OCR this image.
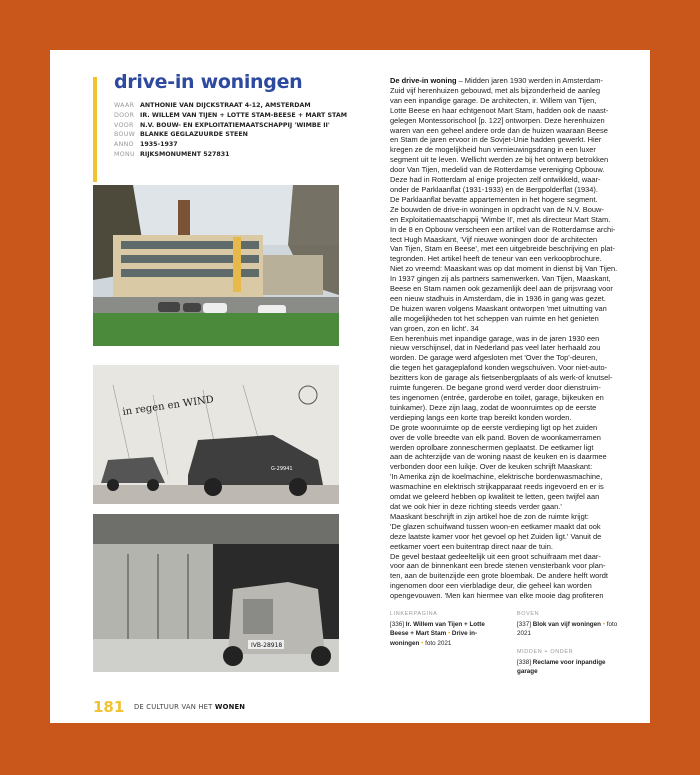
drive-in woningen
WAAR ANTHONIE VAN DIJCKSTRAAT 4-12, AMSTERDAM
DOOR IR. WILLEM VAN TIJEN + LOTTE STAM-BEESE + MART STAM
VOOR N.V. BOUW- EN EXPLOITATIEMAATSCHAPPIJ 'WIMBE II'
BOUW BLANKE GEGLAZUURDE STEEN
ANNO 1935-1937
MONU RIJKSMONUMENT 527831
in regen en WIND
G-29941
IVB-28918
De drive-in woning – Midden jaren 1930 werden in Amsterdam-
Zuid vijf herenhuizen gebouwd, met als bijzonderheid de aanleg
van een inpandige garage. De architecten, ir. Willem van Tijen,
Lotte Beese en haar echtgenoot Mart Stam, hadden ook de naast-
gelegen Montessorischool [p. 122] ontworpen. Deze herenhuizen
waren van een geheel andere orde dan de huizen waaraan Beese
en Stam de jaren ervoor in de Sovjet-Unie hadden gewerkt. Hier
kregen ze de mogelijkheid hun vernieuwingsdrang in een luxer
segment uit te leven. Wellicht werden ze bij het ontwerp betrokken
door Van Tijen, medelid van de Rotterdamse vereniging Opbouw.
Deze had in Rotterdam al enige projecten zelf ontwikkeld, waar-
onder de Parklaanflat (1931-1933) en de Bergpolderflat (1934).
De Parklaanflat bevatte appartementen in het hogere segment.
Ze bouwden de drive-in woningen in opdracht van de N.V. Bouw-
en Exploitatiemaatschappij 'Wimbe II', met als directeur Mart Stam.
In de 8 en Opbouw verscheen een artikel van de Rotterdamse archi-
tect Hugh Maaskant, 'Vijf nieuwe woningen door de architecten
Van Tijen, Stam en Beese', met een uitgebreide beschrijving en plat-
tegronden. Het artikel heeft de teneur van een verkoopbrochure.
Niet zo vreemd: Maaskant was op dat moment in dienst bij Van Tijen.
In 1937 gingen zij als partners samenwerken. Van Tijen, Maaskant,
Beese en Stam namen ook gezamenlijk deel aan de prijsvraag voor
een nieuw stadhuis in Amsterdam, die in 1936 in gang was gezet.
De huizen waren volgens Maaskant ontworpen 'met uitnutting van
alle mogelijkheden tot het scheppen van ruimte en het genieten
van groen, zon en licht'. 34
Een herenhuis met inpandige garage, was in de jaren 1930 een
nieuw verschijnsel, dat in Nederland pas veel later herhaald zou
worden. De garage werd afgesloten met 'Over the Top'-deuren,
die tegen het garageplafond konden wegschuiven. Voor niet-auto-
bezitters kon de garage als fietsenbergplaats of als werk-of knutsel-
ruimte fungeren. De begane grond werd verder door dienstruim-
tes ingenomen (entrée, garderobe en toilet, garage, bijkeuken en
tuinkamer). Deze zijn laag, zodat de woonruimtes op de eerste
verdieping langs een korte trap bereikt konden worden.
De grote woonruimte op de eerste verdieping ligt op het zuiden
over de volle breedte van elk pand. Boven de woonkamerramen
werden oprolbare zonneschermen geplaatst. De eetkamer ligt
aan de achterzijde van de woning naast de keuken en is daarmee
verbonden door een luikje. Over de keuken schrijft Maaskant:
'In Amerika zijn de koelmachine, elektrische bordenwasmachine,
wasmachine en elektrisch strijkapparaat reeds ingevoerd en er is
omdat we geleerd hebben op kwaliteit te letten, geen twijfel aan
dat we ook hier in deze richting steeds verder gaan.'
Maaskant beschrijft in zijn artikel hoe de zon de ruimte krijgt:
'De glazen schuifwand tussen woon-en eetkamer maakt dat ook
deze laatste kamer voor het gevoel op het Zuiden ligt.' Vanuit de
eetkamer voert een buitentrap direct naar de tuin.
De gevel bestaat gedeeltelijk uit een groot schuifraam met daar-
voor aan de binnenkant een brede stenen vensterbank voor plan-
ten, aan de buitenzijde een grote bloembak. De andere helft wordt
ingenomen door een vierbladige deur, die geheel kan worden
opengevouwen. 'Men kan hiermee van elke mooie dag profiteren
LINKERPAGINA
[336] Ir. Willem van Tijen + Lotte Beese + Mart Stam • Drive in-woningen • foto 2021
BOVEN
[337] Blok van vijf woningen • foto 2021
MIDDEN + ONDER
[338] Reclame voor inpandige garage
181 DE CULTUUR VAN HET WONEN
